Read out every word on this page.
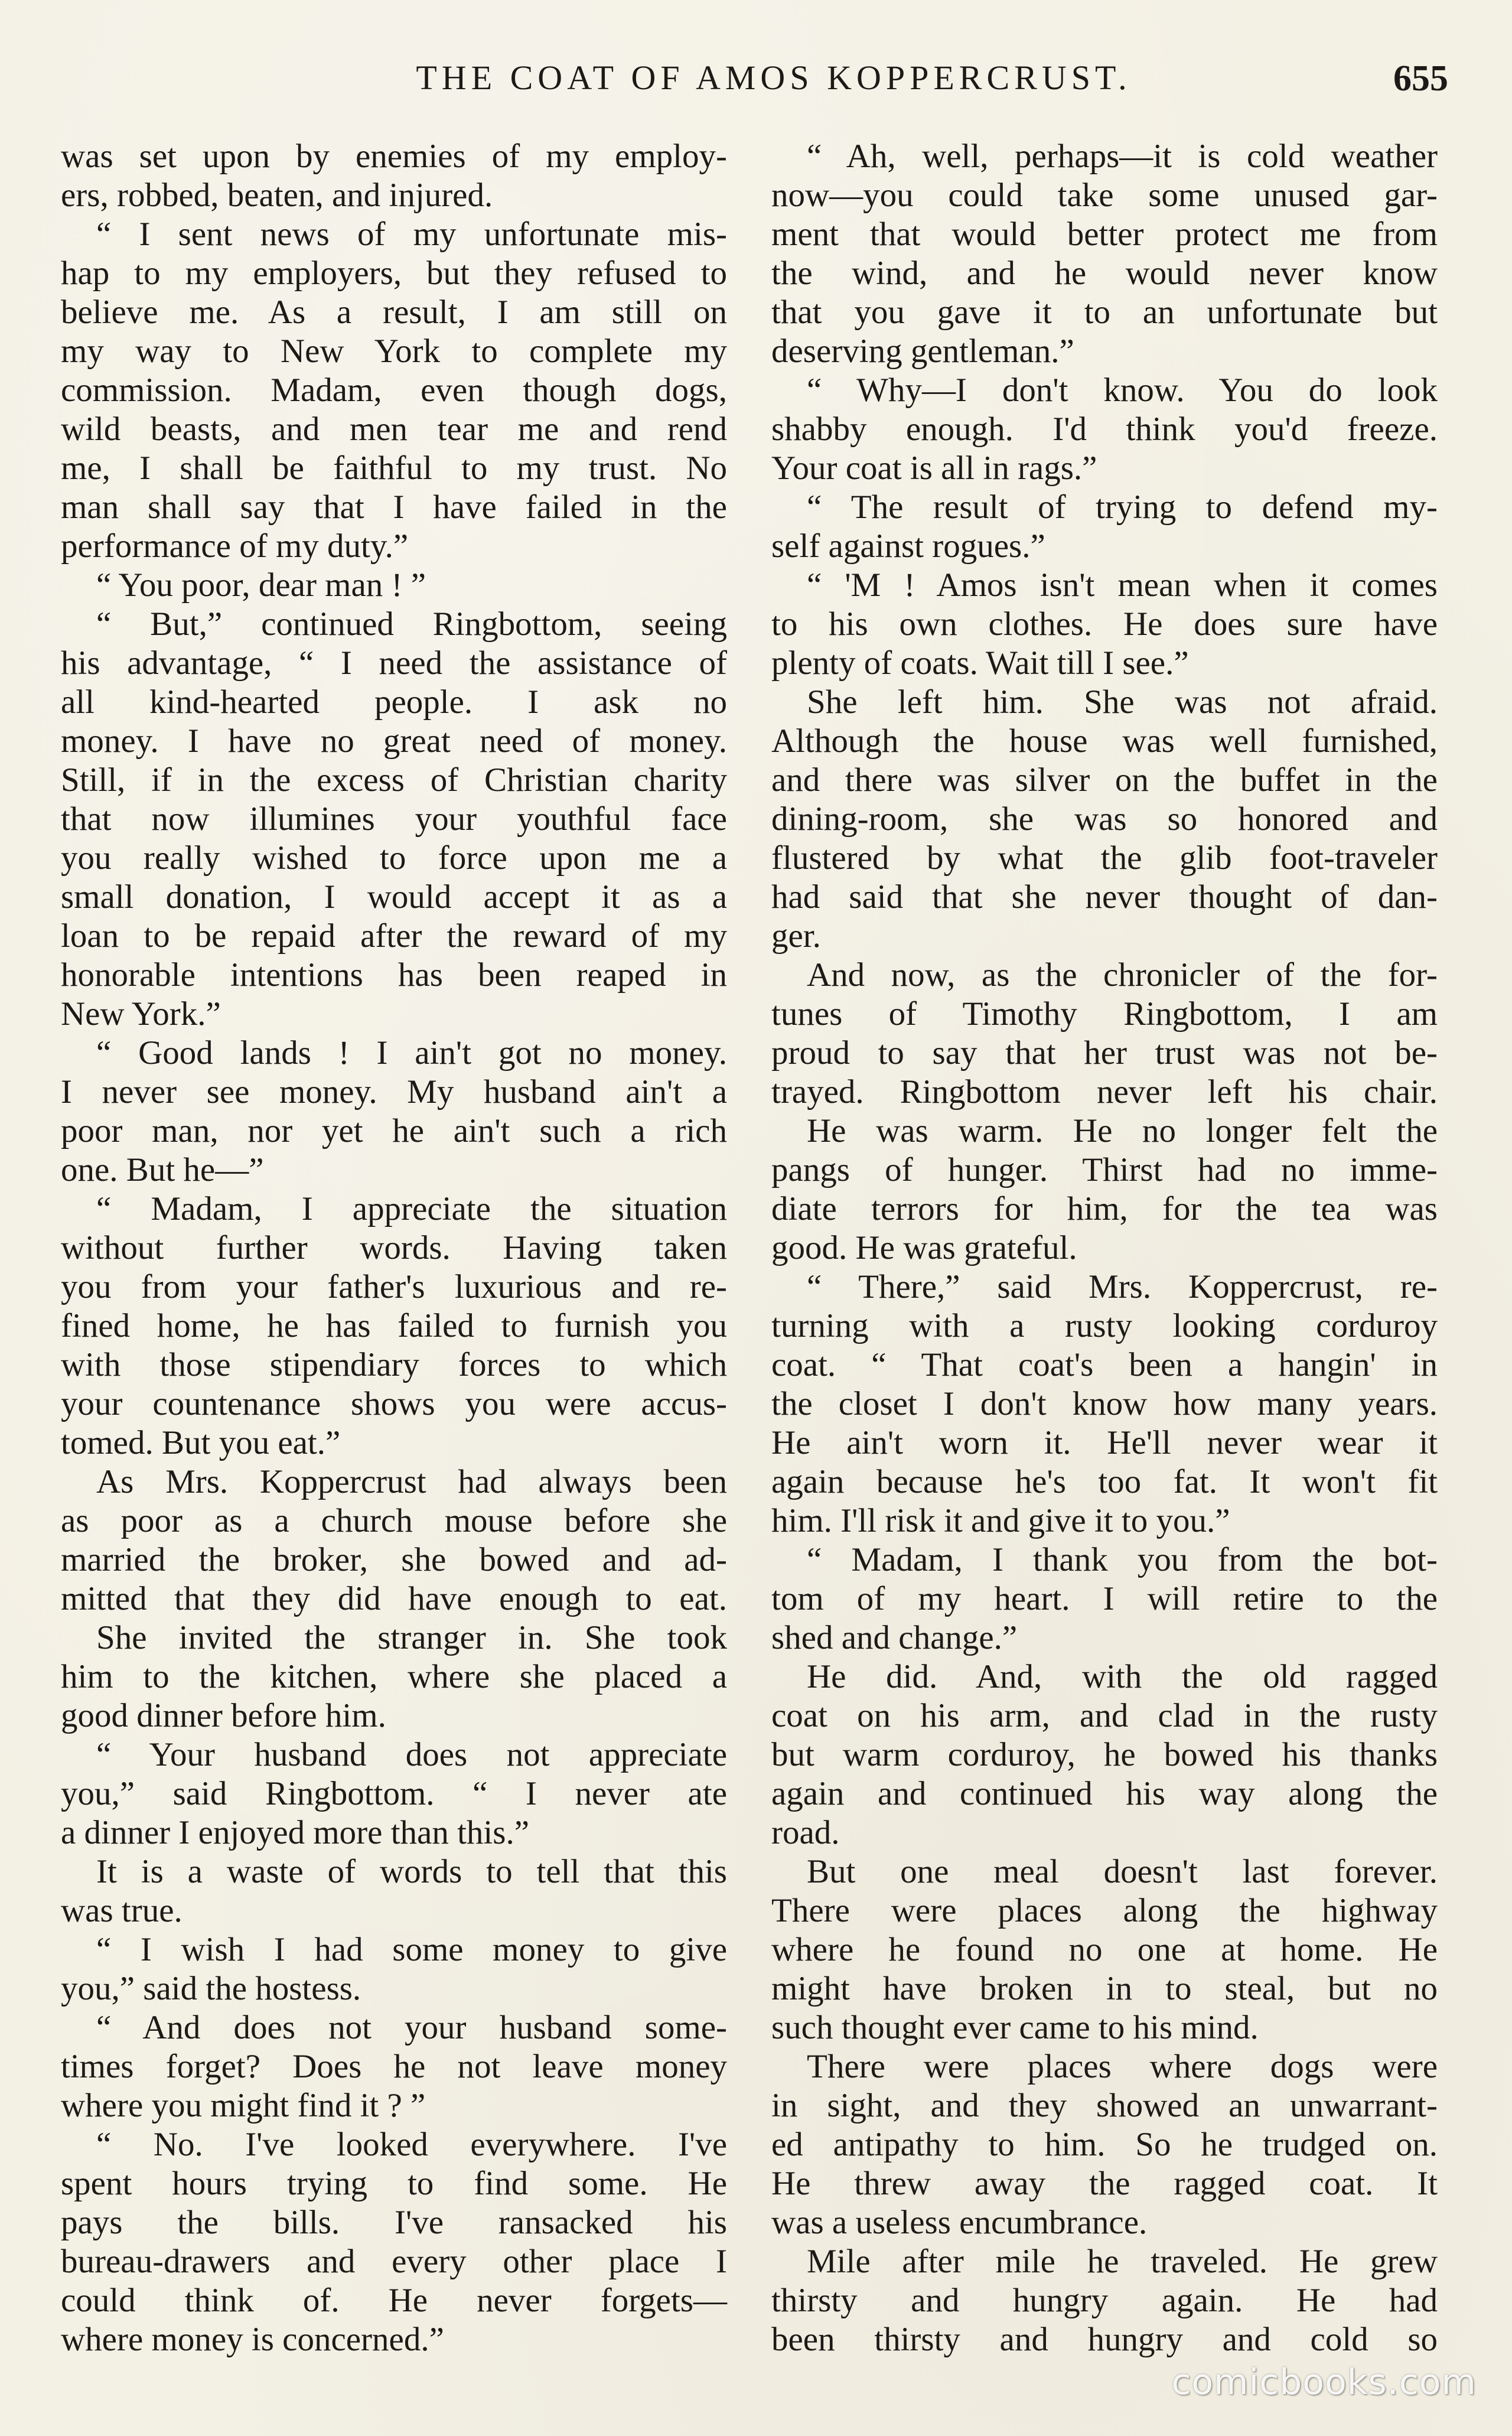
THE COAT OF AMOS KOPPERCRUST.	655
was set upon by enemies of my employ-
ers, robbed, beaten, and injured.
“ I sent news of my unfortunate mis-
hap to my employers, but they refused to
believe me. As a result, I am still on
my way to New York to complete my
commission. Madam, even though dogs,
wild beasts, and men tear me and rend
me, I shall be faithful to my trust. No
man shall say that I have failed in the
performance of my duty.”
“ You poor, dear man ! ”
“ But,” continued Ringbottom, seeing
his advantage, “ I need the assistance of
all kind-hearted people. I ask no
money. I have no great need of money.
Still, if in the excess of Christian charity
that now illumines your youthful face
you really wished to force upon me a
small donation, I would accept it as a
loan to be repaid after the reward of my
honorable intentions has been reaped in
New York.”
“ Good lands ! I ain't got no money.
I never see money. My husband ain't a
poor man, nor yet he ain't such a rich
one. But he—”
“ Madam, I appreciate the situation
without further words. Having taken
you from your father's luxurious and re-
fined home, he has failed to furnish you
with those stipendiary forces to which
your countenance shows you were accus-
tomed. But you eat.”
As Mrs. Koppercrust had always been
as poor as a church mouse before she
married the broker, she bowed and ad-
mitted that they did have enough to eat.
She invited the stranger in. She took
him to the kitchen, where she placed a
good dinner before him.
“ Your husband does not appreciate
you,” said Ringbottom. “ I never ate
a dinner I enjoyed more than this.”
It is a waste of words to tell that this
was true.
“ I wish I had some money to give
you,” said the hostess.
“ And does not your husband some-
times forget? Does he not leave money
where you might find it ? ”
“ No. I've looked everywhere. I've
spent hours trying to find some. He
pays the bills. I've ransacked his
bureau-drawers and every other place I
could think of. He never forgets—
where money is concerned.”
“ Ah, well, perhaps—it is cold weather
now—you could take some unused gar-
ment that would better protect me from
the wind, and he would never know
that you gave it to an unfortunate but
deserving gentleman.”
“ Why—I don't know. You do look
shabby enough. I'd think you'd freeze.
Your coat is all in rags.”
“ The result of trying to defend my-
self against rogues.”
“ 'M ! Amos isn't mean when it comes
to his own clothes. He does sure have
plenty of coats. Wait till I see.”
She left him. She was not afraid.
Although the house was well furnished,
and there was silver on the buffet in the
dining-room, she was so honored and
flustered by what the glib foot-traveler
had said that she never thought of dan-
ger.
And now, as the chronicler of the for-
tunes of Timothy Ringbottom, I am
proud to say that her trust was not be-
trayed. Ringbottom never left his chair.
He was warm. He no longer felt the
pangs of hunger. Thirst had no imme-
diate terrors for him, for the tea was
good. He was grateful.
“ There,” said Mrs. Koppercrust, re-
turning with a rusty looking corduroy
coat. “ That coat's been a hangin' in
the closet I don't know how many years.
He ain't worn it. He'll never wear it
again because he's too fat. It won't fit
him. I'll risk it and give it to you.”
“ Madam, I thank you from the bot-
tom of my heart. I will retire to the
shed and change.”
He did. And, with the old ragged
coat on his arm, and clad in the rusty
but warm corduroy, he bowed his thanks
again and continued his way along the
road.
But one meal doesn't last forever.
There were places along the highway
where he found no one at home. He
might have broken in to steal, but no
such thought ever came to his mind.
There were places where dogs were
in sight, and they showed an unwarrant-
ed antipathy to him. So he trudged on.
He threw away the ragged coat. It
was a useless encumbrance.
Mile after mile he traveled. He grew
thirsty and hungry again. He had
been thirsty and hungry and cold so
comicbooks.com
